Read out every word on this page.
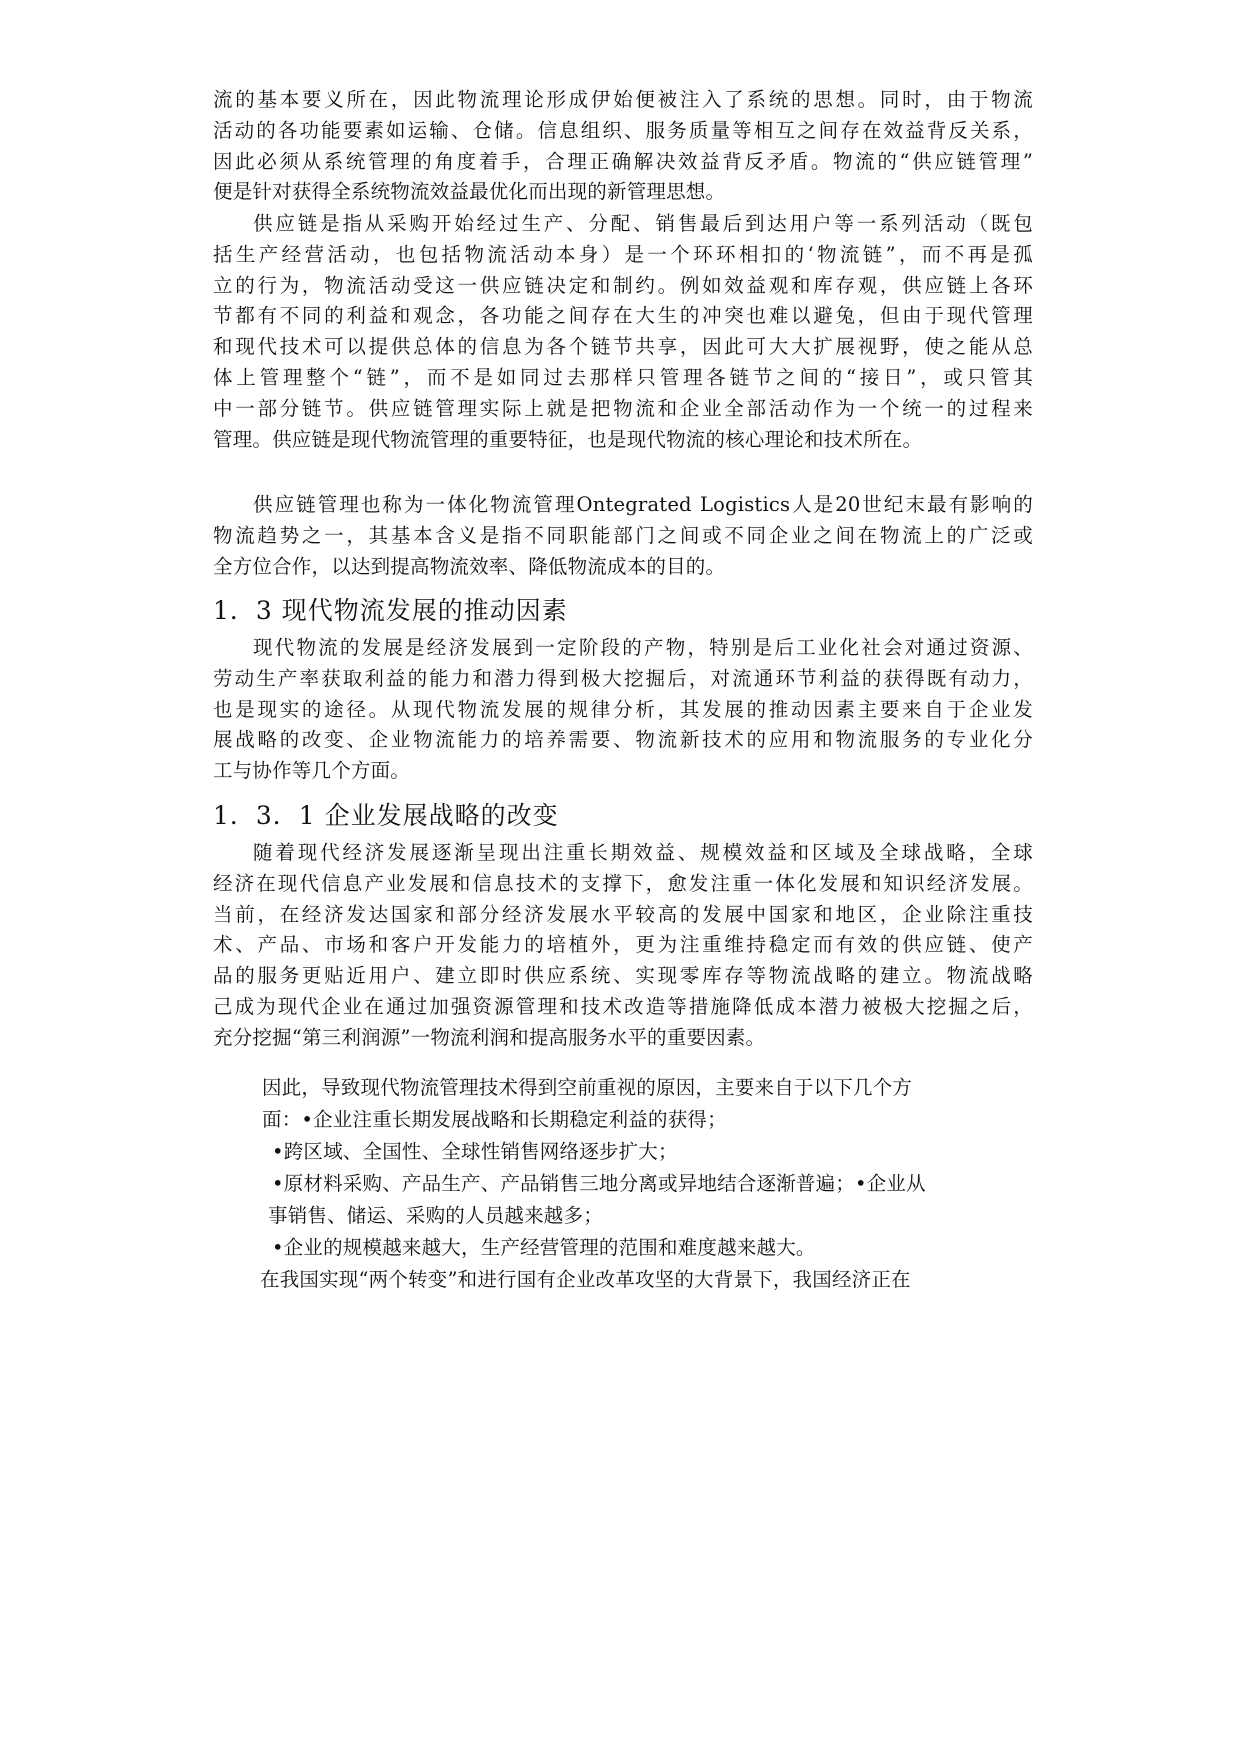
流的基本要义所在，因此物流理论形成伊始便被注入了系统的思想。同时，由于物流
活动的各功能要素如运输、仓储。信息组织、服务质量等相互之间存在效益背反关系，
因此必须从系统管理的角度着手，合理正确解决效益背反矛盾。物流的“供应链管理”
便是针对获得全系统物流效益最优化而出现的新管理思想。
供应链是指从采购开始经过生产、分配、销售最后到达用户等一系列活动（既包
括生产经营活动，也包括物流活动本身）是一个环环相扣的‘物流链”，而不再是孤
立的行为，物流活动受这一供应链决定和制约。例如效益观和库存观，供应链上各环
节都有不同的利益和观念，各功能之间存在大生的冲突也难以避兔，但由于现代管理
和现代技术可以提供总体的信息为各个链节共享，因此可大大扩展视野，使之能从总
体上管理整个“链”，而不是如同过去那样只管理各链节之间的“接日”，或只管其
中一部分链节。供应链管理实际上就是把物流和企业全部活动作为一个统一的过程来
管理。供应链是现代物流管理的重要特征，也是现代物流的核心理论和技术所在。
供应链管理也称为一体化物流管理Ontegrated Logistics人是20世纪末最有影响的
物流趋势之一，其基本含义是指不同职能部门之间或不同企业之间在物流上的广泛或
全方位合作，以达到提高物流效率、降低物流成本的目的。
1．3 现代物流发展的推动因素
现代物流的发展是经济发展到一定阶段的产物，特别是后工业化社会对通过资源、
劳动生产率获取利益的能力和潜力得到极大挖掘后，对流通环节利益的获得既有动力，
也是现实的途径。从现代物流发展的规律分析，其发展的推动因素主要来自于企业发
展战略的改变、企业物流能力的培养需要、物流新技术的应用和物流服务的专业化分
工与协作等几个方面。
1．3．1 企业发展战略的改变
随着现代经济发展逐渐呈现出注重长期效益、规模效益和区域及全球战略，全球
经济在现代信息产业发展和信息技术的支撑下，愈发注重一体化发展和知识经济发展。
当前，在经济发达国家和部分经济发展水平较高的发展中国家和地区，企业除注重技
术、产品、市场和客户开发能力的培植外，更为注重维持稳定而有效的供应链、使产
品的服务更贴近用户、建立即时供应系统、实现零库存等物流战略的建立。物流战略
己成为现代企业在通过加强资源管理和技术改造等措施降低成本潜力被极大挖掘之后，
充分挖掘“第三利润源”一物流利润和提高服务水平的重要因素。
因此，导致现代物流管理技术得到空前重视的原因，主要来自于以下几个方
面：•企业注重长期发展战略和长期稳定利益的获得；
•跨区域、全国性、全球性销售网络逐步扩大；
•原材料采购、产品生产、产品销售三地分离或异地结合逐渐普遍；•企业从
事销售、储运、采购的人员越来越多；
•企业的规模越来越大，生产经营管理的范围和难度越来越大。
在我国实现“两个转变”和进行国有企业改革攻坚的大背景下，我国经济正在
